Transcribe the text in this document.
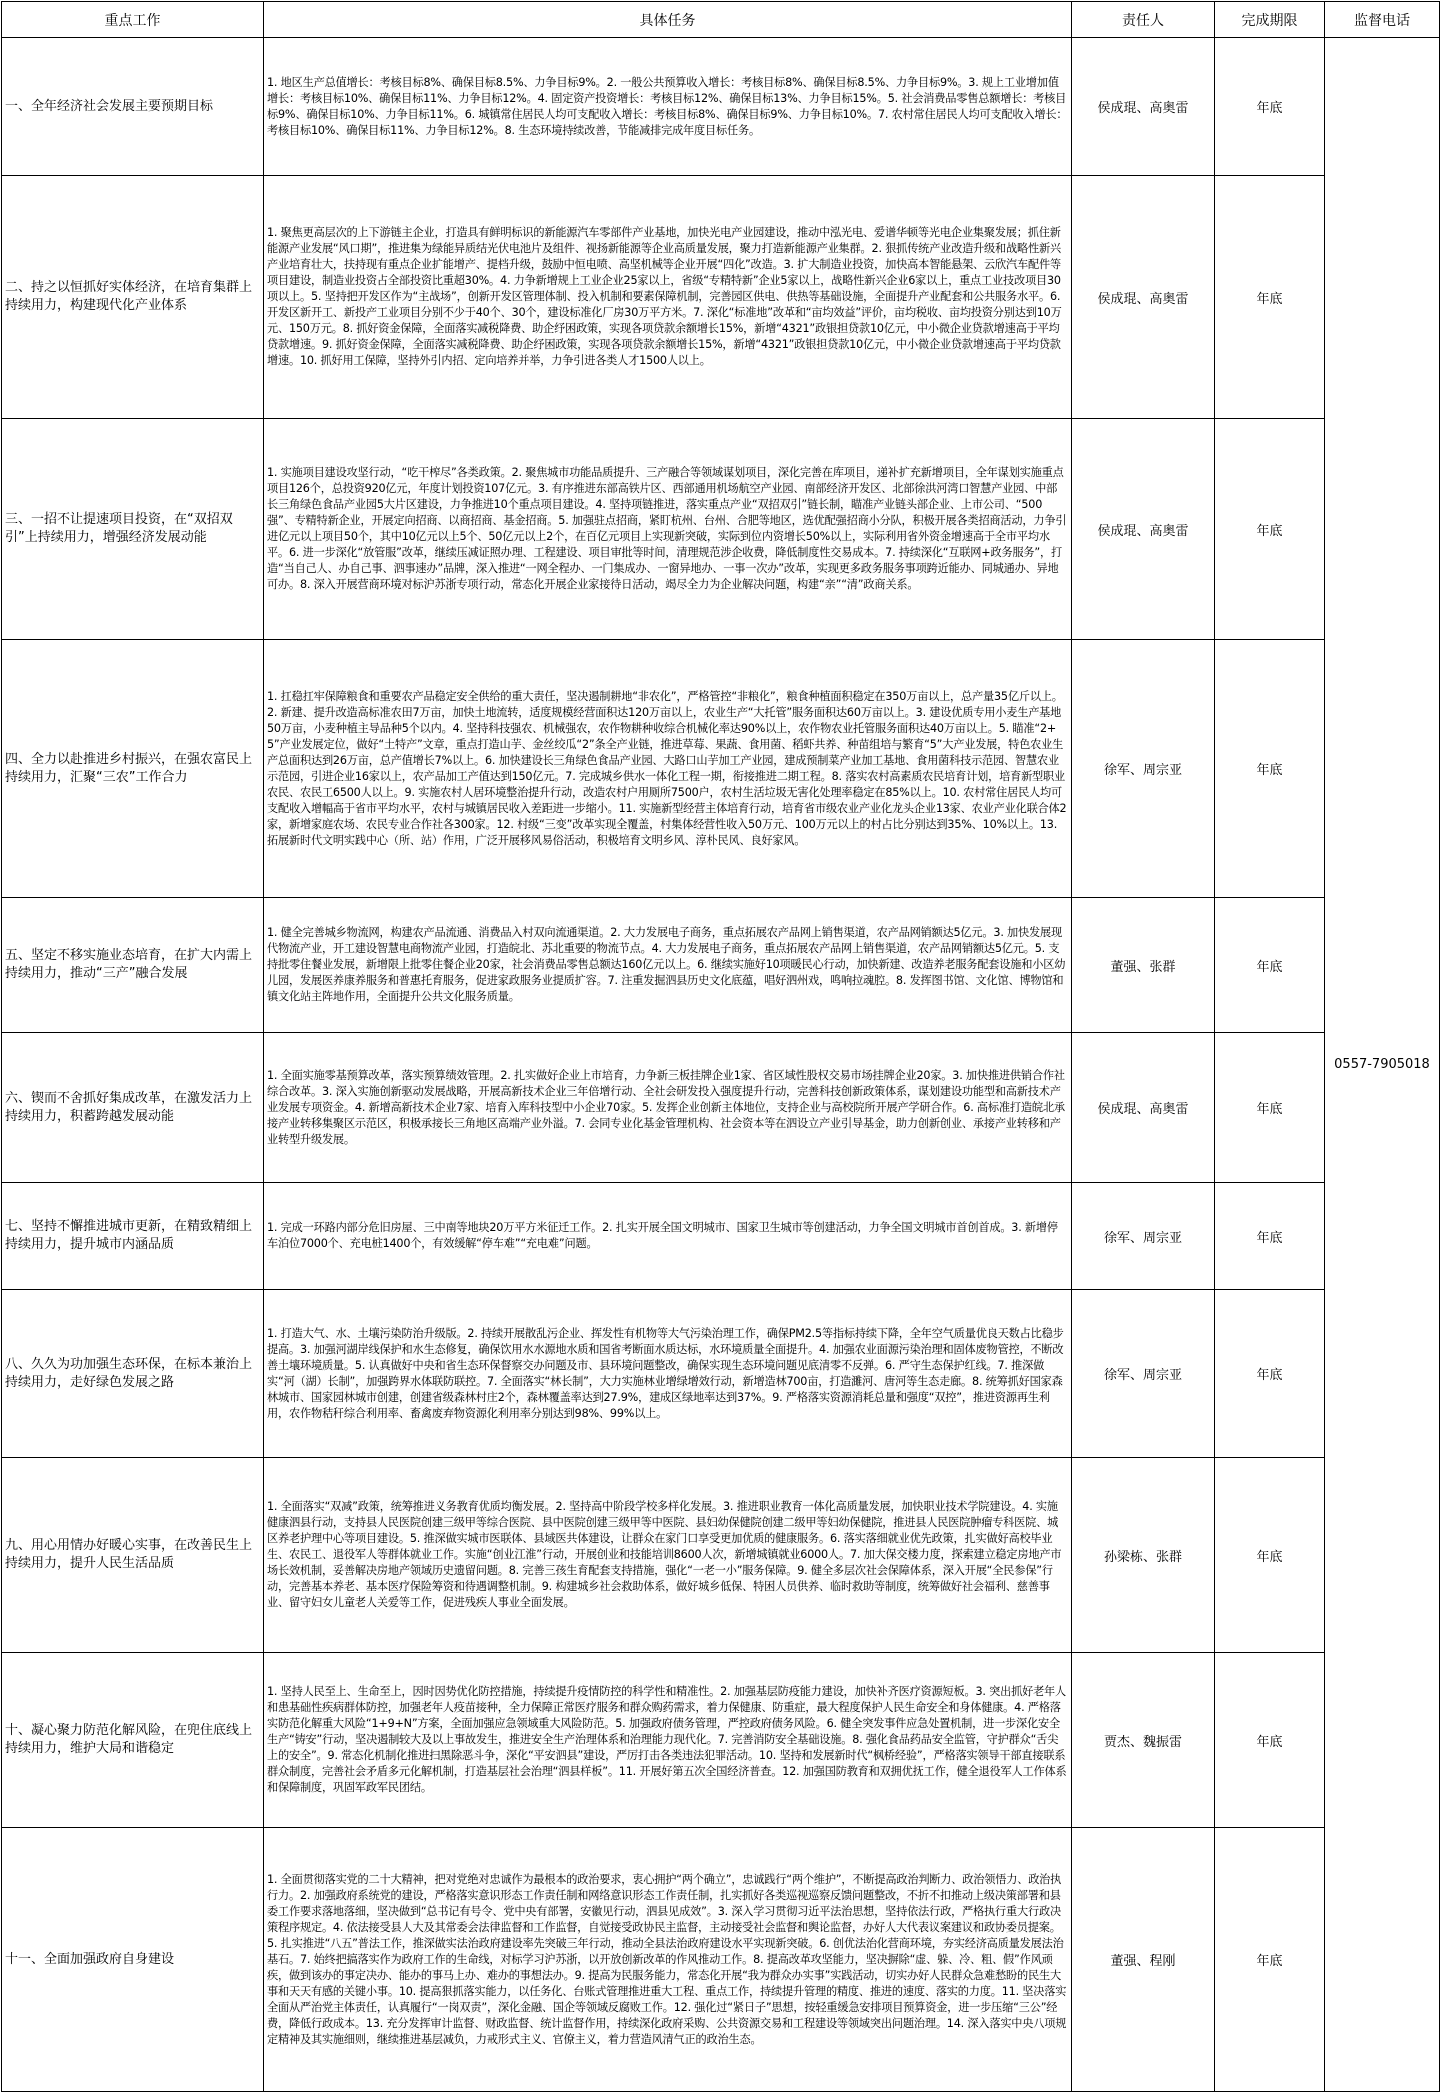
重点工作	具体任务	责任人	完成期限	监督电话
一、全年经济社会发展主要预期目标	1. 地区生产总值增长：考核目标8%、确保目标8.5%、力争目标9%。2. 一般公共预算收入增长：考核目标8%、确保目标8.5%、力争目标9%。3. 规上工业增加值增长：考核目标10%、确保目标11%、力争目标12%。4. 固定资产投资增长：考核目标12%、确保目标13%、力争目标15%。5. 社会消费品零售总额增长：考核目标9%、确保目标10%、力争目标11%。6. 城镇常住居民人均可支配收入增长：考核目标8%、确保目标9%、力争目标10%。7. 农村常住居民人均可支配收入增长：考核目标10%、确保目标11%、力争目标12%。8. 生态环境持续改善，节能减排完成年度目标任务。	侯成琨、高奥雷	年底	0557-7905018
二、持之以恒抓好实体经济，在培育集群上持续用力，构建现代化产业体系	1. 聚焦更高层次的上下游链主企业，打造具有鲜明标识的新能源汽车零部件产业基地，加快光电产业园建设，推动中泓光电、爱谱华顿等光电企业集聚发展；抓住新能源产业发展“风口期”，推进集为绿能异质结光伏电池片及组件、视扬新能源等企业高质量发展，聚力打造新能源产业集群。2. 狠抓传统产业改造升级和战略性新兴产业培育壮大，扶持现有重点企业扩能增产、提档升级，鼓励中恒电喷、高坚机械等企业开展“四化”改造。3. 扩大制造业投资，加快高本智能悬架、云欣汽车配件等项目建设，制造业投资占全部投资比重超30%。4. 力争新增规上工业企业25家以上，省级“专精特新”企业5家以上，战略性新兴企业6家以上，重点工业技改项目30项以上。5. 坚持把开发区作为“主战场”，创新开发区管理体制、投入机制和要素保障机制，完善园区供电、供热等基础设施，全面提升产业配套和公共服务水平。6. 开发区新开工、新投产工业项目分别不少于40个、30个，建设标准化厂房30万平方米。7. 深化“标准地”改革和“亩均效益”评价，亩均税收、亩均投资分别达到10万元、150万元。8. 抓好资金保障，全面落实减税降费、助企纾困政策，实现各项贷款余额增长15%，新增“4321”政银担贷款10亿元，中小微企业贷款增速高于平均贷款增速。9. 抓好资金保障，全面落实减税降费、助企纾困政策，实现各项贷款余额增长15%，新增“4321”政银担贷款10亿元，中小微企业贷款增速高于平均贷款增速。10. 抓好用工保障，坚持外引内招、定向培养并举，力争引进各类人才1500人以上。	侯成琨、高奥雷	年底	
三、一招不让提速项目投资，在“双招双引”上持续用力，增强经济发展动能	1. 实施项目建设攻坚行动，“吃干榨尽”各类政策。2. 聚焦城市功能品质提升、三产融合等领域谋划项目，深化完善在库项目，递补扩充新增项目，全年谋划实施重点项目126个，总投资920亿元，年度计划投资107亿元。3. 有序推进东部高铁片区、西部通用机场航空产业园、南部经济开发区、北部徐洪河湾口智慧产业园、中部长三角绿色食品产业园5大片区建设，力争推进10个重点项目建设。4. 坚持项链推进，落实重点产业“双招双引”链长制，瞄准产业链头部企业、上市公司、“500强”、专精特新企业，开展定向招商、以商招商、基金招商。5. 加强驻点招商，紧盯杭州、台州、合肥等地区，选优配强招商小分队，积极开展各类招商活动，力争引进亿元以上项目50个，其中10亿元以上5个、50亿元以上2个，在百亿元项目上实现新突破，实际到位内资增长50%以上，实际利用省外资金增速高于全市平均水平。6. 进一步深化“放管服”改革，继续压减证照办理、工程建设、项目审批等时间，清理规范涉企收费，降低制度性交易成本。7. 持续深化“互联网+政务服务”，打造“当自己人、办自己事、泗事速办”品牌，深入推进“一网全程办、一门集成办、一窗异地办、一事一次办”改革，实现更多政务服务事项跨近能办、同城通办、异地可办。8. 深入开展营商环境对标沪苏浙专项行动，常态化开展企业家接待日活动，竭尽全力为企业解决问题，构建“亲”“清”政商关系。	侯成琨、高奥雷	年底	
四、全力以赴推进乡村振兴，在强农富民上持续用力，汇聚“三农”工作合力	1. 扛稳扛牢保障粮食和重要农产品稳定安全供给的重大责任，坚决遏制耕地“非农化”，严格管控“非粮化”，粮食种植面积稳定在350万亩以上，总产量35亿斤以上。2. 新建、提升改造高标准农田7万亩，加快土地流转，适度规模经营面积达120万亩以上，农业生产“大托管”服务面积达60万亩以上。3. 建设优质专用小麦生产基地50万亩，小麦种植主导品种5个以内。4. 坚持科技强农、机械强农，农作物耕种收综合机械化率达90%以上，农作物农业托管服务面积达40万亩以上。5. 瞄准“2+5”产业发展定位，做好“土特产”文章，重点打造山芋、金丝绞瓜“2”条全产业链，推进草莓、果蔬、食用菌、稻虾共养、种苗组培与繁育“5”大产业发展，特色农业生产总面积达到26万亩，总产值增长7%以上。6. 加快建设长三角绿色食品产业园、大路口山芋加工产业园，建成预制菜产业加工基地、食用菌科技示范园、智慧农业示范园，引进企业16家以上，农产品加工产值达到150亿元。7. 完成城乡供水一体化工程一期，衔接推进二期工程。8. 落实农村高素质农民培育计划，培育新型职业农民、农民工6500人以上。9. 实施农村人居环境整治提升行动，改造农村户用厕所7500户，农村生活垃圾无害化处理率稳定在85%以上。10. 农村常住居民人均可支配收入增幅高于省市平均水平，农村与城镇居民收入差距进一步缩小。11. 实施新型经营主体培育行动，培育省市级农业产业化龙头企业13家、农业产业化联合体2家，新增家庭农场、农民专业合作社各300家。12. 村级“三变”改革实现全覆盖，村集体经营性收入50万元、100万元以上的村占比分别达到35%、10%以上。13. 拓展新时代文明实践中心（所、站）作用，广泛开展移风易俗活动，积极培育文明乡风、淳朴民风、良好家风。	徐军、周宗亚	年底	
五、坚定不移实施业态培育，在扩大内需上持续用力，推动“三产”融合发展	1. 健全完善城乡物流网，构建农产品流通、消费品入村双向流通渠道。2. 大力发展电子商务，重点拓展农产品网上销售渠道，农产品网销额达5亿元。3. 加快发展现代物流产业，开工建设智慧电商物流产业园，打造皖北、苏北重要的物流节点。4. 大力发展电子商务，重点拓展农产品网上销售渠道，农产品网销额达5亿元。5. 支持批零住餐业发展，新增限上批零住餐企业20家，社会消费品零售总额达160亿元以上。6. 继续实施好10项暖民心行动，加快新建、改造养老服务配套设施和小区幼儿园，发展医养康养服务和普惠托育服务，促进家政服务业提质扩容。7. 注重发掘泗县历史文化底蕴，唱好泗州戏，鸣响拉魂腔。8. 发挥图书馆、文化馆、博物馆和镇文化站主阵地作用，全面提升公共文化服务质量。	董强、张群	年底	
六、锲而不舍抓好集成改革，在激发活力上持续用力，积蓄跨越发展动能	1. 全面实施零基预算改革，落实预算绩效管理。2. 扎实做好企业上市培育，力争新三板挂牌企业1家、省区域性股权交易市场挂牌企业20家。3. 加快推进供销合作社综合改革。3. 深入实施创新驱动发展战略，开展高新技术企业三年倍增行动、全社会研发投入强度提升行动，完善科技创新政策体系，谋划建设功能型和高新技术产业发展专项资金。4. 新增高新技术企业7家、培育入库科技型中小企业70家。5. 发挥企业创新主体地位，支持企业与高校院所开展产学研合作。6. 高标准打造皖北承接产业转移集聚区示范区，积极承接长三角地区高端产业外溢。7. 会同专业化基金管理机构、社会资本等在泗设立产业引导基金，助力创新创业、承接产业转移和产业转型升级发展。	侯成琨、高奥雷	年底	
七、坚持不懈推进城市更新，在精致精细上持续用力，提升城市内涵品质	1. 完成一环路内部分危旧房屋、三中南等地块20万平方米征迁工作。2. 扎实开展全国文明城市、国家卫生城市等创建活动，力争全国文明城市首创首成。3. 新增停车泊位7000个、充电桩1400个，有效缓解“停车难”“充电难”问题。	徐军、周宗亚	年底	
八、久久为功加强生态环保，在标本兼治上持续用力，走好绿色发展之路	1. 打造大气、水、土壤污染防治升级版。2. 持续开展散乱污企业、挥发性有机物等大气污染治理工作，确保PM2.5等指标持续下降，全年空气质量优良天数占比稳步提高。3. 加强河湖岸线保护和水生态修复，确保饮用水水源地水质和国省考断面水质达标，水环境质量全面提升。4. 加强农业面源污染治理和固体废物管控，不断改善土壤环境质量。5. 认真做好中央和省生态环保督察交办问题及市、县环境问题整改，确保实现生态环境问题见底清零不反弹。6. 严守生态保护红线。7. 推深做实“河（湖）长制”，加强跨界水体联防联控。7. 全面落实“林长制”，大力实施林业增绿增效行动，新增造林700亩，打造濉河、唐河等生态走廊。8. 统筹抓好国家森林城市、国家园林城市创建，创建省级森林村庄2个，森林覆盖率达到27.9%，建成区绿地率达到37%。9. 严格落实资源消耗总量和强度“双控”，推进资源再生利用，农作物秸秆综合利用率、畜禽废弃物资源化利用率分别达到98%、99%以上。	徐军、周宗亚	年底	
九、用心用情办好暖心实事，在改善民生上持续用力，提升人民生活品质	1. 全面落实“双减”政策，统筹推进义务教育优质均衡发展。2. 坚持高中阶段学校多样化发展。3. 推进职业教育一体化高质量发展，加快职业技术学院建设。4. 实施健康泗县行动，支持县人民医院创建三级甲等综合医院、县中医院创建三级甲等中医院、县妇幼保健院创建二级甲等妇幼保健院，推进县人民医院肿瘤专科医院、城区养老护理中心等项目建设。5. 推深做实城市医联体、县域医共体建设，让群众在家门口享受更加优质的健康服务。6. 落实落细就业优先政策，扎实做好高校毕业生、农民工、退役军人等群体就业工作。实施“创业江淮”行动，开展创业和技能培训8600人次，新增城镇就业6000人。7. 加大保交楼力度，探索建立稳定房地产市场长效机制，妥善解决房地产领域历史遗留问题。8. 完善三孩生育配套支持措施，强化“一老一小”服务保障。9. 健全多层次社会保障体系，深入开展“全民参保”行动，完善基本养老、基本医疗保险筹资和待遇调整机制。9. 构建城乡社会救助体系，做好城乡低保、特困人员供养、临时救助等制度，统筹做好社会福利、慈善事业、留守妇女儿童老人关爱等工作，促进残疾人事业全面发展。	孙梁栋、张群	年底	
十、凝心聚力防范化解风险，在兜住底线上持续用力，维护大局和谐稳定	1. 坚持人民至上、生命至上，因时因势优化防控措施，持续提升疫情防控的科学性和精准性。2. 加强基层防疫能力建设，加快补齐医疗资源短板。3. 突出抓好老年人和患基础性疾病群体防控，加强老年人疫苗接种，全力保障正常医疗服务和群众购药需求，着力保健康、防重症，最大程度保护人民生命安全和身体健康。4. 严格落实防范化解重大风险“1+9+N”方案，全面加强应急领域重大风险防范。5. 加强政府债务管理，严控政府债务风险。6. 健全突发事件应急处置机制，进一步深化安全生产“铸安”行动，坚决遏制较大及以上事故发生，推进安全生产治理体系和治理能力现代化。7. 完善消防安全基础设施。8. 强化食品药品安全监管，守护群众“舌尖上的安全”。9. 常态化机制化推进扫黑除恶斗争，深化“平安泗县”建设，严厉打击各类违法犯罪活动。10. 坚持和发展新时代“枫桥经验”，严格落实领导干部直接联系群众制度，完善社会矛盾多元化解机制，打造基层社会治理“泗县样板”。11. 开展好第五次全国经济普查。12. 加强国防教育和双拥优抚工作，健全退役军人工作体系和保障制度，巩固军政军民团结。	贾杰、魏振雷	年底	
十一、全面加强政府自身建设	1. 全面贯彻落实党的二十大精神，把对党绝对忠诚作为最根本的政治要求，衷心拥护“两个确立”，忠诚践行“两个维护”，不断提高政治判断力、政治领悟力、政治执行力。2. 加强政府系统党的建设，严格落实意识形态工作责任制和网络意识形态工作责任制，扎实抓好各类巡视巡察反馈问题整改，不折不扣推动上级决策部署和县委工作要求落地落细，坚决做到“总书记有号令、党中央有部署，安徽见行动，泗县见成效”。3. 深入学习贯彻习近平法治思想，坚持依法行政，严格执行重大行政决策程序规定。4. 依法接受县人大及其常委会法律监督和工作监督，自觉接受政协民主监督，主动接受社会监督和舆论监督，办好人大代表议案建议和政协委员提案。5. 扎实推进“八五”普法工作，推深做实法治政府建设率先突破三年行动，推动全县法治政府建设水平实现新突破。6. 创优法治化营商环境，夯实经济高质量发展法治基石。7. 始终把搞落实作为政府工作的生命线，对标学习沪苏浙，以开放创新改革的作风推动工作。8. 提高改革攻坚能力，坚决摒除“虚、躲、冷、粗、假”作风顽疾，做到该办的事定决办、能办的事马上办、难办的事想法办。9. 提高为民服务能力，常态化开展“我为群众办实事”实践活动，切实办好人民群众急难愁盼的民生大事和天天有感的关键小事。10. 提高狠抓落实能力，以任务化、台账式管理推进重大工程、重点工作，持续提升管理的精度、推进的速度、落实的力度。11. 坚决落实全面从严治党主体责任，认真履行“一岗双责”，深化金融、国企等领域反腐败工作。12. 强化过“紧日子”思想，按轻重缓急安排项目预算资金，进一步压缩“三公”经费，降低行政成本。13. 充分发挥审计监督、财政监督、统计监督作用，持续深化政府采购、公共资源交易和工程建设等领域突出问题治理。14. 深入落实中央八项规定精神及其实施细则，继续推进基层减负，力戒形式主义、官僚主义，着力营造风清气正的政治生态。	董强、程刚	年底	
